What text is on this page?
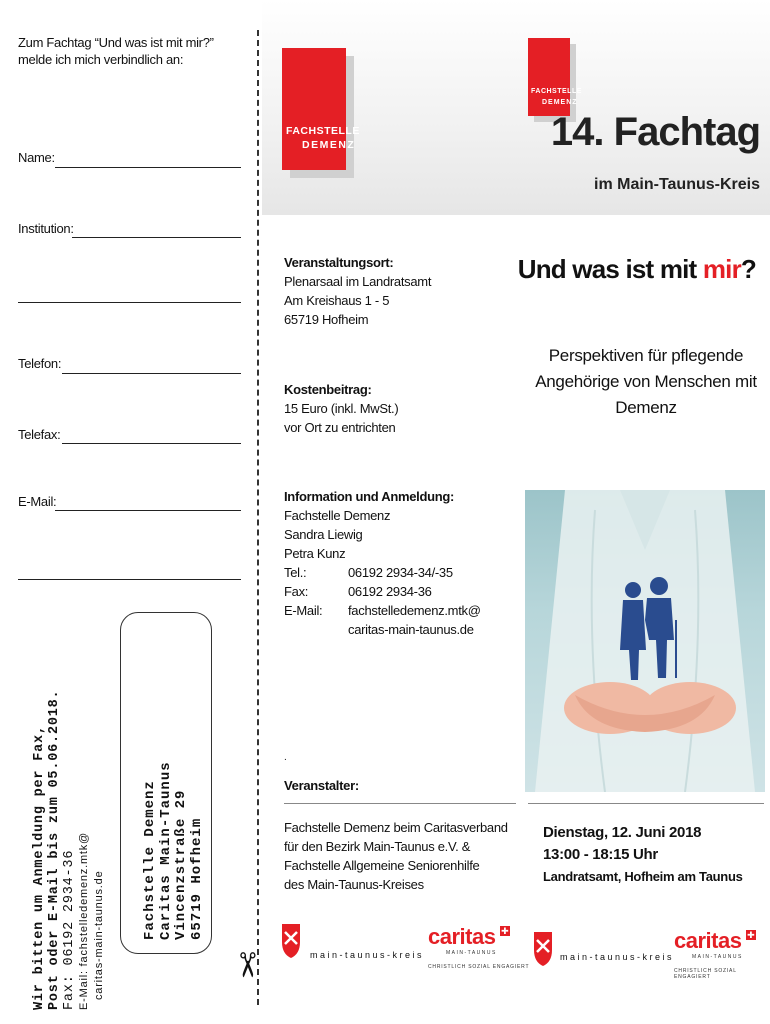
Zum Fachtag “Und was ist mit mir?” melde ich mich verbindlich an:
Name:
Institution:
Telefon:
Telefax:
E-Mail:
Wir bitten um Anmeldung per Fax, Post oder E-Mail bis zum 05.06.2018. Fax: 06192 2934-36 E-Mail: fachstelledemenz.mtk@ caritas-main-taunus.de	Fachstelle Demenz Caritas Main-Taunus Vincenzstraße 29 65719 Hofheim
✂
FACHSTELLE
DEMENZ
FACHSTELLE
DEMENZ
14. Fachtag
im Main-Taunus-Kreis
Veranstaltungsort:
Plenarsaal im Landratsamt
Am Kreishaus 1 - 5
65719 Hofheim
Kostenbeitrag:
15 Euro (inkl. MwSt.)
vor Ort zu entrichten
Information und Anmeldung:
Fachstelle Demenz
Sandra Liewig
Petra Kunz
Tel.:	06192 2934-34/-35
Fax:	06192 2934-36
E-Mail:	fachstelledemenz.mtk@
caritas-main-taunus.de
.
Veranstalter:
Fachstelle Demenz beim Caritasverband
für den Bezirk Main-Taunus e.V. &
Fachstelle Allgemeine Seniorenhilfe
des Main-Taunus-Kreises
Und was ist mit mir?
Perspektiven für pflegende
Angehörige von Menschen mit
Demenz
Dienstag, 12. Juni 2018
13:00 - 18:15 Uhr
Landratsamt, Hofheim am Taunus
main-taunus-kreis
caritas ✚
MAIN-TAUNUS
CHRISTLICH SOZIAL ENGAGIERT
main-taunus-kreis
caritas ✚
MAIN-TAUNUS
CHRISTLICH SOZIAL ENGAGIERT
